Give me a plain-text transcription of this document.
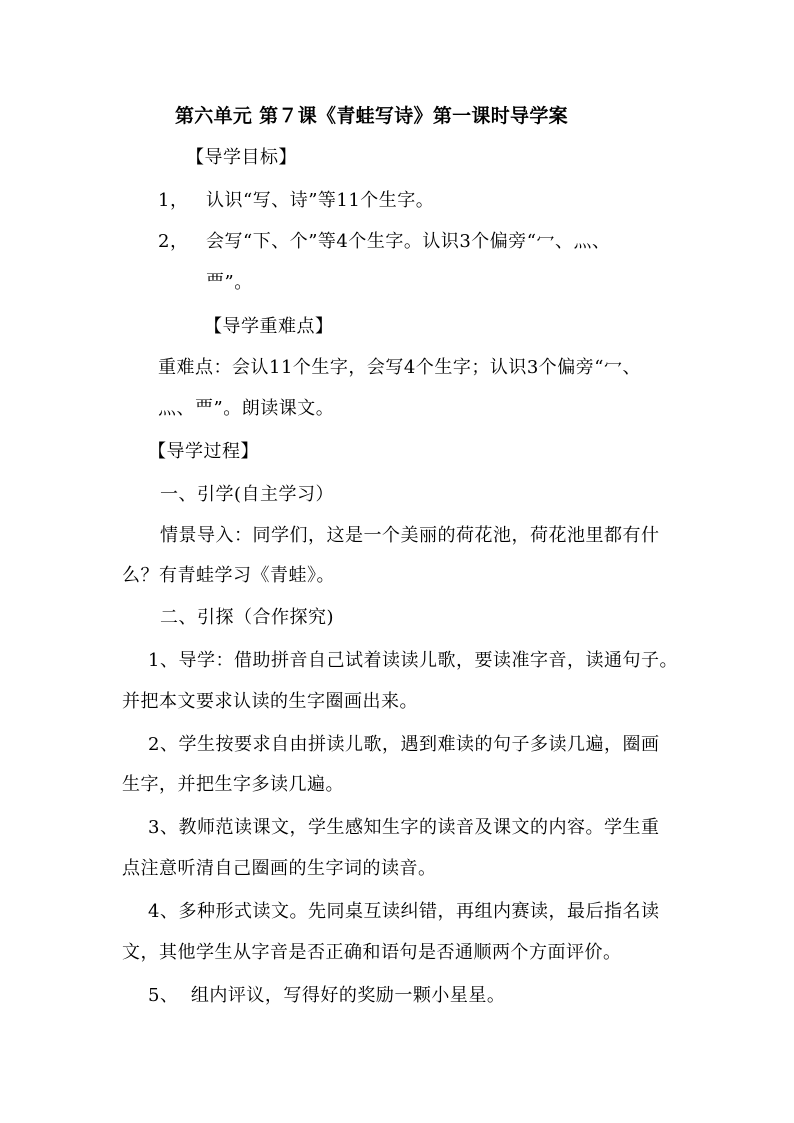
第六单元 第７课《青蛙写诗》第一课时导学案
【导学目标】
1， 认识“写、诗”等11个生字。
2， 会写“下、个”等4个生字。认识3个偏旁“冖、灬、
覀”。
【导学重难点】
重难点：会认11个生字，会写4个生字；认识3个偏旁“冖、
灬、覀”。朗读课文。
【导学过程】
一、引学(自主学习）
情景导入：同学们，这是一个美丽的荷花池，荷花池里都有什
么？有青蛙学习《青蛙》。
二、引探（合作探究)
1、导学：借助拼音自己试着读读儿歌，要读准字音，读通句子。
并把本文要求认读的生字圈画出来。
2、学生按要求自由拼读儿歌，遇到难读的句子多读几遍，圈画
生字，并把生字多读几遍。
3、教师范读课文，学生感知生字的读音及课文的内容。学生重
点注意听清自己圈画的生字词的读音。
4、多种形式读文。先同桌互读纠错，再组内赛读，最后指名读
文，其他学生从字音是否正确和语句是否通顺两个方面评价。
5、  组内评议，写得好的奖励一颗小星星。
